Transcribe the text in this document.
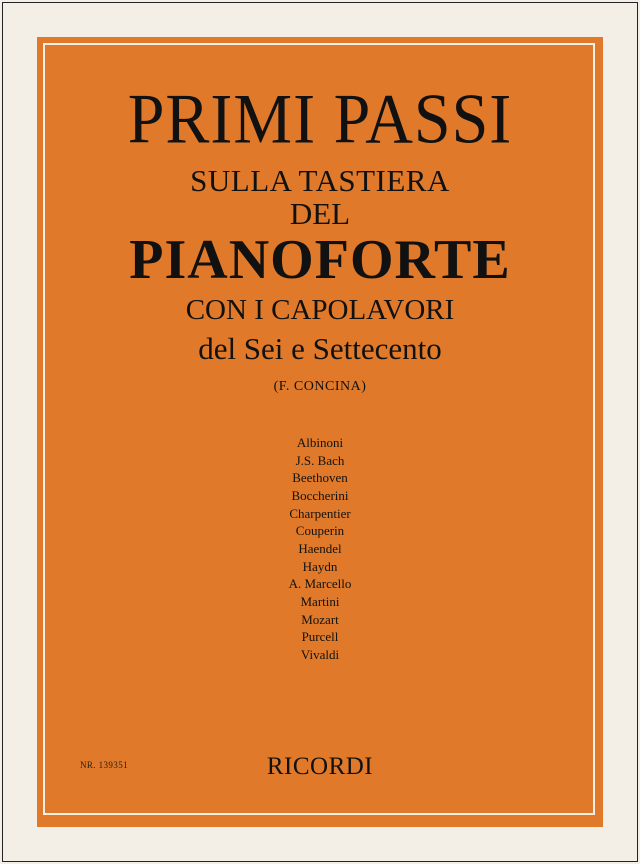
PRIMI PASSI
SULLA TASTIERA
DEL
PIANOFORTE
CON I CAPOLAVORI
del Sei e Settecento
(F. CONCINA)
Albinoni
J.S. Bach
Beethoven
Boccherini
Charpentier
Couperin
Haendel
Haydn
A. Marcello
Martini
Mozart
Purcell
Vivaldi
NR. 139351	RICORDI
